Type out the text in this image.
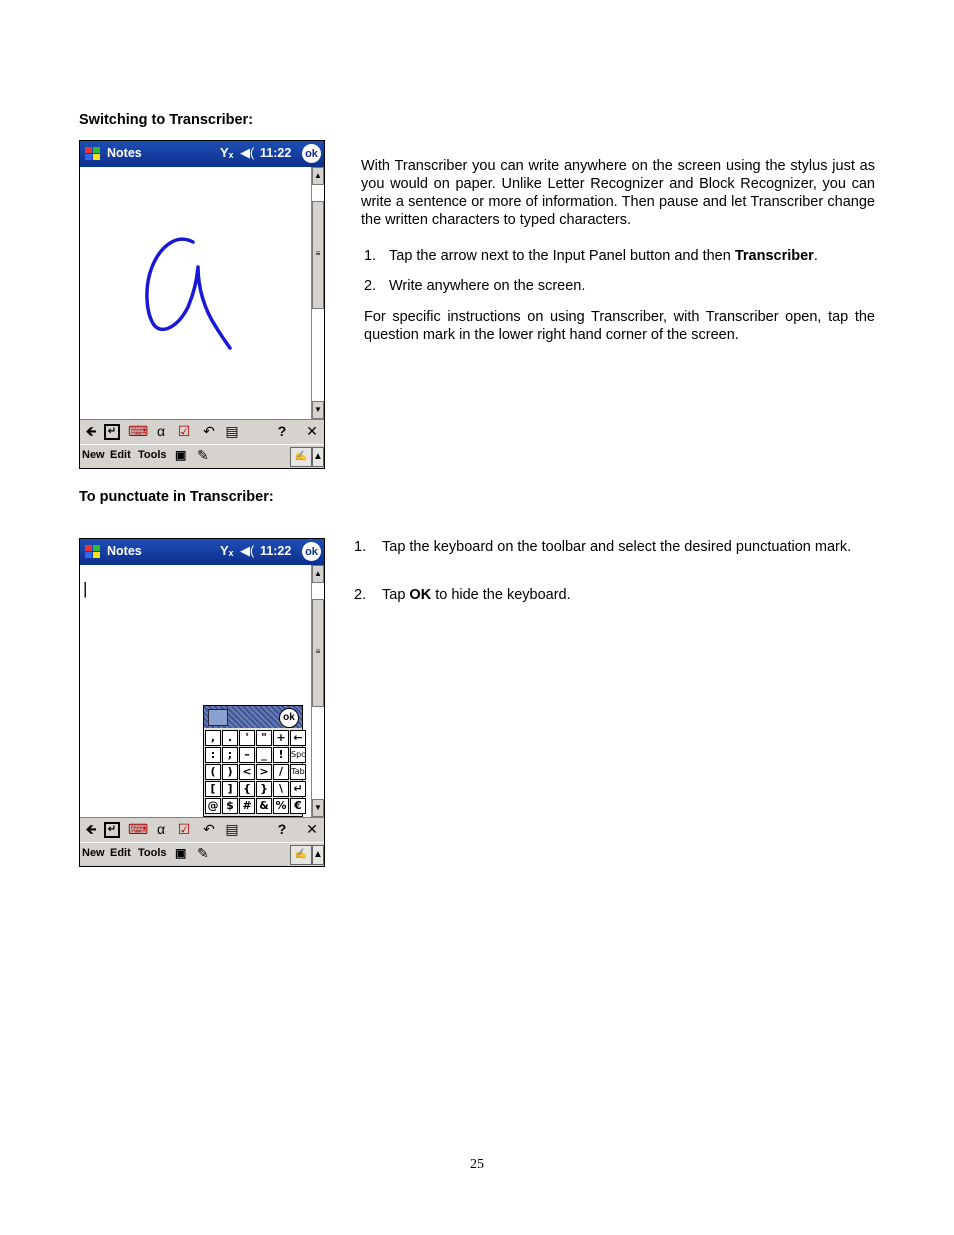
Switching to Transcriber:
Notes	Yₓ ◀( 11:22 ok
▲
≡
▼
🡸	↵ ⌨ α ☑ ↶ ▤	? ✕
New Edit Tools ▣ ✎	✍ ▲
With Transcriber you can write anywhere on the screen using the stylus just as you would on paper. Unlike Letter Recognizer and Block Recognizer, you can write a sentence or more of information. Then pause and let Transcriber change the written characters to typed characters.
1. Tap the arrow next to the Input Panel button and then Transcriber.
2. Write anywhere on the screen.
For specific instructions on using Transcriber, with Transcriber open, tap the question mark in the lower right hand corner of the screen.
To punctuate in Transcriber:
Notes	Yₓ ◀( 11:22 ok
|
▲
≡
▼
ok
,	.	'	" + ←
:	;	–	_	! Spc
(	) < > /	Tab
[	] { }	\ ↵
@ $ # & % €
🡸	↵ ⌨ α ☑ ↶ ▤	? ✕
New Edit Tools ▣ ✎	✍ ▲
1. Tap the keyboard on the toolbar and select the desired punctuation mark.
2. Tap OK to hide the keyboard.
25
